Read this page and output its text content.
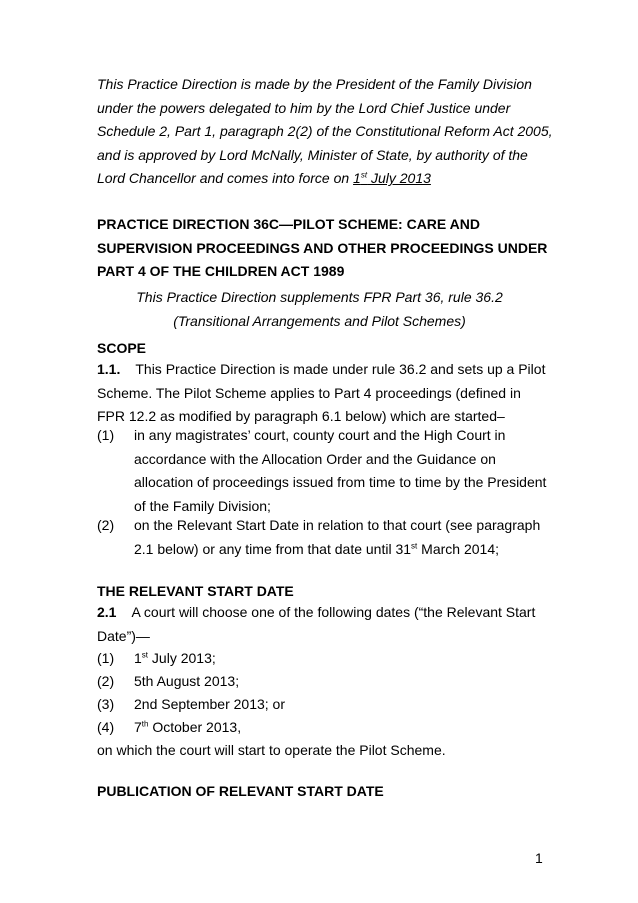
This Practice Direction is made by the President of the Family Division under the powers delegated to him by the Lord Chief Justice under Schedule 2, Part 1, paragraph 2(2) of the Constitutional Reform Act 2005, and is approved by Lord McNally, Minister of State, by authority of the Lord Chancellor and comes into force on 1st July 2013
PRACTICE DIRECTION 36C—PILOT SCHEME: CARE AND SUPERVISION PROCEEDINGS AND OTHER PROCEEDINGS UNDER PART 4 OF THE CHILDREN ACT 1989
This Practice Direction supplements FPR Part 36, rule 36.2 (Transitional Arrangements and Pilot Schemes)
SCOPE
1.1. This Practice Direction is made under rule 36.2 and sets up a Pilot Scheme. The Pilot Scheme applies to Part 4 proceedings (defined in FPR 12.2 as modified by paragraph 6.1 below) which are started–
(1) in any magistrates’ court, county court and the High Court in accordance with the Allocation Order and the Guidance on allocation of proceedings issued from time to time by the President of the Family Division;
(2) on the Relevant Start Date in relation to that court (see paragraph 2.1 below) or any time from that date until 31st March 2014;
THE RELEVANT START DATE
2.1 A court will choose one of the following dates (“the Relevant Start Date”)—
(1) 1st July 2013;
(2) 5th August 2013;
(3) 2nd September 2013; or
(4) 7th October 2013,
on which the court will start to operate the Pilot Scheme.
PUBLICATION OF RELEVANT START DATE
1
